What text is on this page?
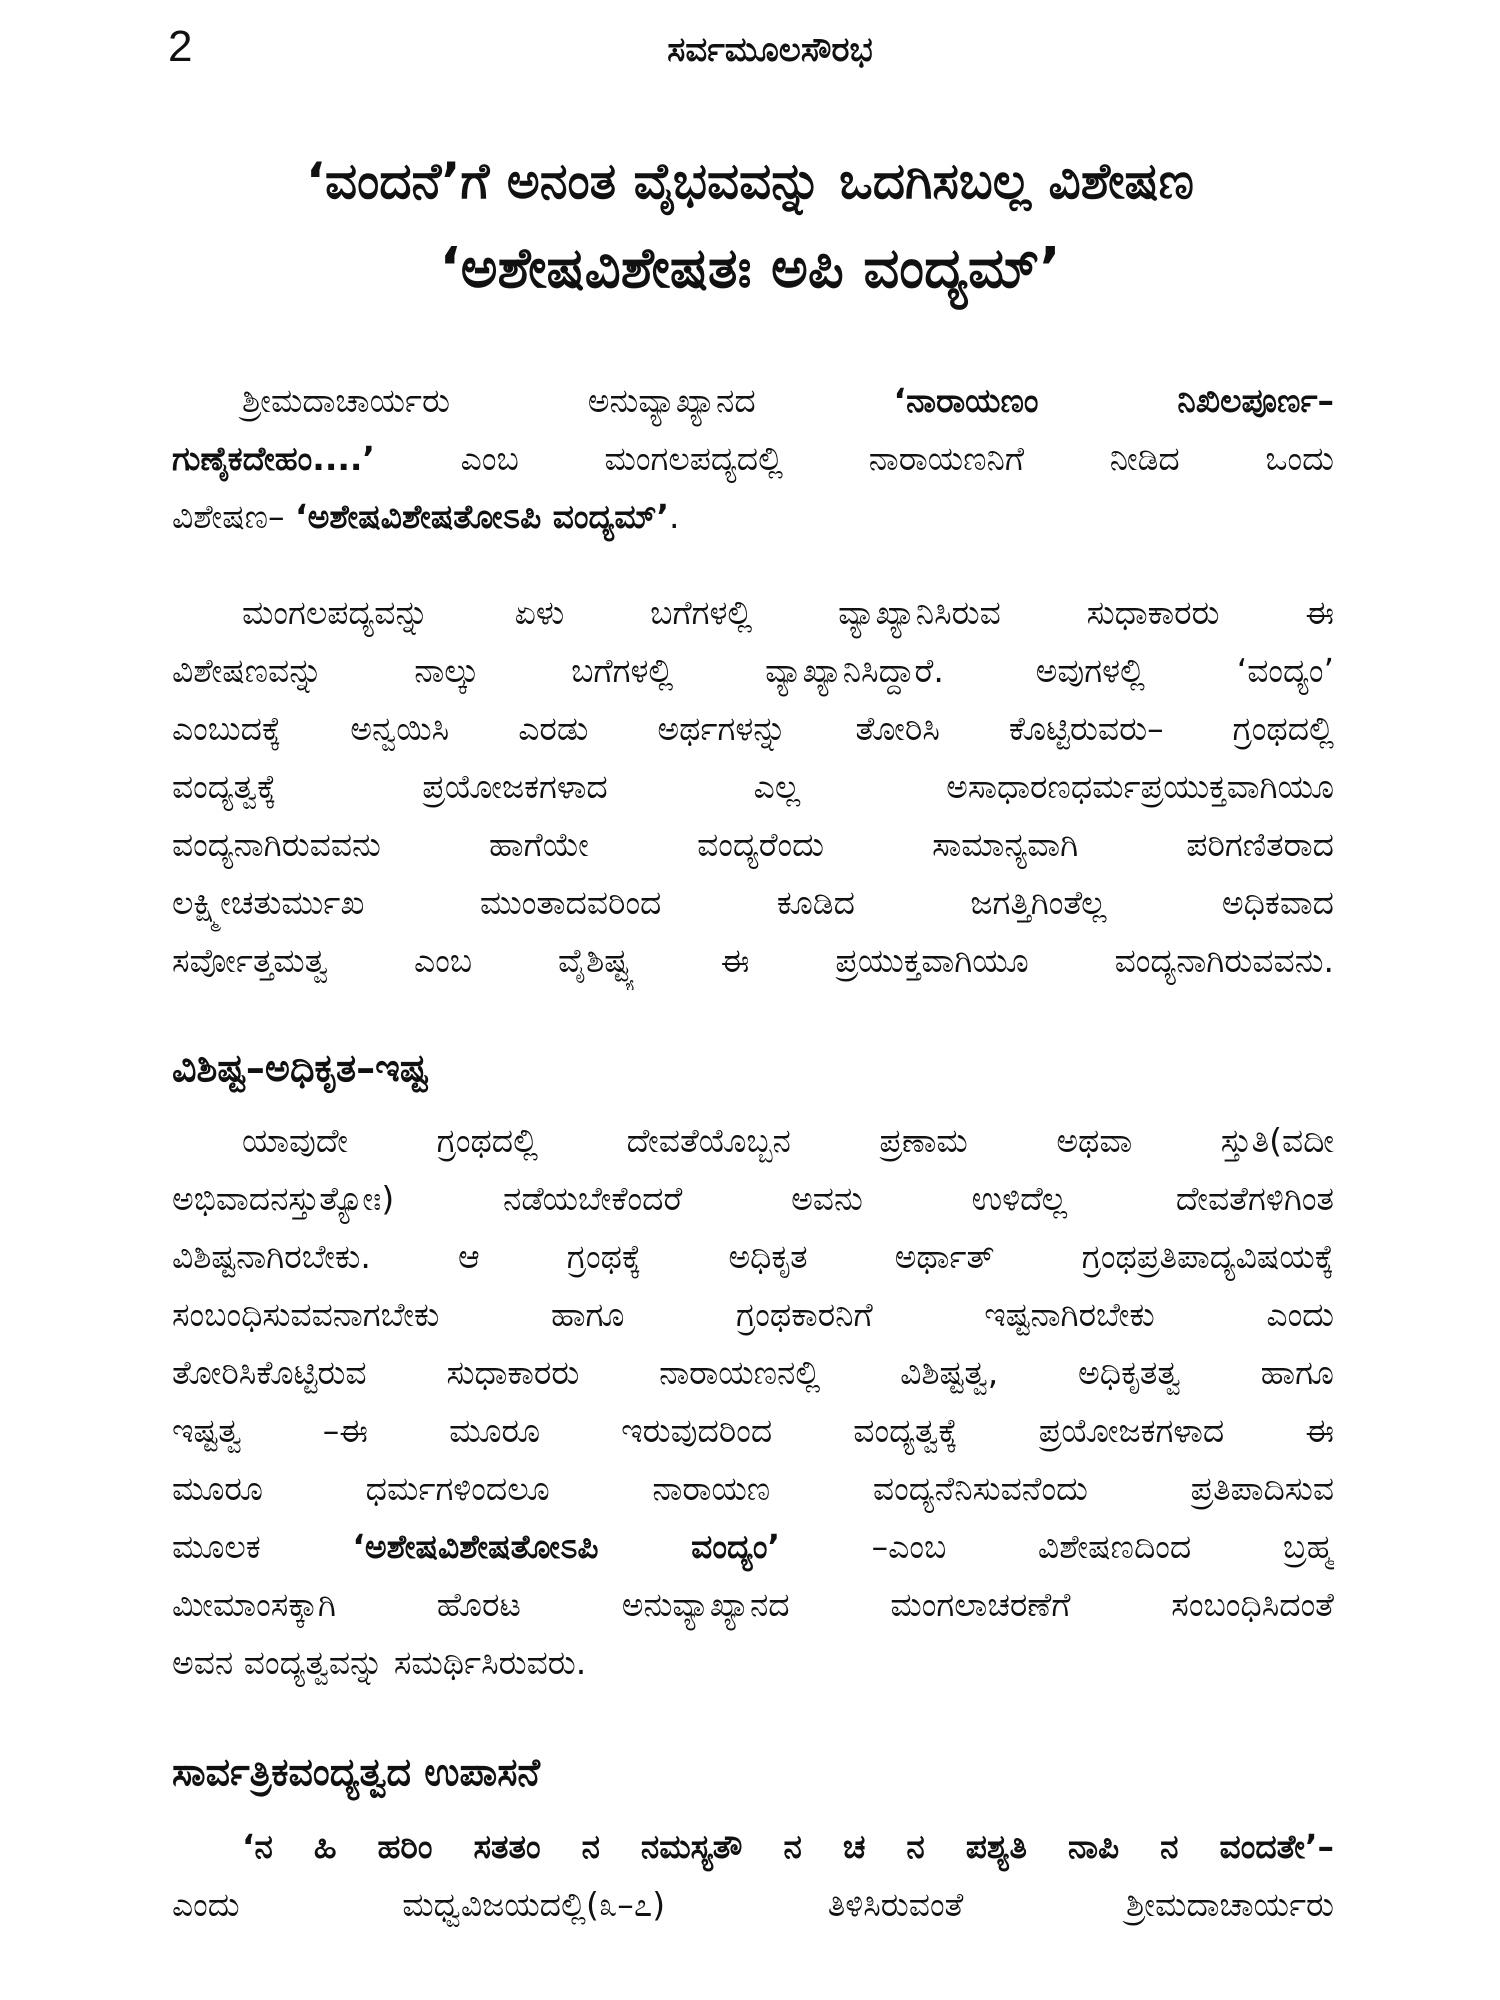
2	ಸರ್ವಮೂಲಸೌರಭ
‘ವಂದನೆ’ಗೆ ಅನಂತ ವೈಭವವನ್ನು ಒದಗಿಸಬಲ್ಲ ವಿಶೇಷಣ
‘ಅಶೇಷವಿಶೇಷತಃ ಅಪಿ ವಂದ್ಯಮ್’
ಶ್ರೀಮದಾಚಾರ್ಯರು ಅನುವ್ಯಾಖ್ಯಾನದ ‘ನಾರಾಯಣಂ ನಿಖಿಲಪೂರ್ಣ–
ಗುಣೈಕದೇಹಂ....’ ಎಂಬ ಮಂಗಲಪದ್ಯದಲ್ಲಿ ನಾರಾಯಣನಿಗೆ ನೀಡಿದ ಒಂದು
ವಿಶೇಷಣ– ‘ಅಶೇಷವಿಶೇಷತೋಽಪಿ ವಂದ್ಯಮ್’.
ಮಂಗಲಪದ್ಯವನ್ನು ಏಳು ಬಗೆಗಳಲ್ಲಿ ವ್ಯಾಖ್ಯಾನಿಸಿರುವ ಸುಧಾಕಾರರು ಈ
ವಿಶೇಷಣವನ್ನು ನಾಲ್ಕು ಬಗೆಗಳಲ್ಲಿ ವ್ಯಾಖ್ಯಾನಿಸಿದ್ದಾರೆ. ಅವುಗಳಲ್ಲಿ ‘ವಂದ್ಯಂ’
ಎಂಬುದಕ್ಕೆ ಅನ್ವಯಿಸಿ ಎರಡು ಅರ್ಥಗಳನ್ನು ತೋರಿಸಿ ಕೊಟ್ಟಿರುವರು– ಗ್ರಂಥದಲ್ಲಿ
ವಂದ್ಯತ್ವಕ್ಕೆ ಪ್ರಯೋಜಕಗಳಾದ ಎಲ್ಲ ಅಸಾಧಾರಣಧರ್ಮಪ್ರಯುಕ್ತವಾಗಿಯೂ
ವಂದ್ಯನಾಗಿರುವವನು ಹಾಗೆಯೇ ವಂದ್ಯರೆಂದು ಸಾಮಾನ್ಯವಾಗಿ ಪರಿಗಣಿತರಾದ
ಲಕ್ಷ್ಮೀಚತುರ್ಮುಖ ಮುಂತಾದವರಿಂದ ಕೂಡಿದ ಜಗತ್ತಿಗಿಂತೆಲ್ಲ ಅಧಿಕವಾದ
ಸರ್ವೋತ್ತಮತ್ವ ಎಂಬ ವೈಶಿಷ್ಟ್ಯ ಈ ಪ್ರಯುಕ್ತವಾಗಿಯೂ ವಂದ್ಯನಾಗಿರುವವನು.
ವಿಶಿಷ್ಟ–ಅಧಿಕೃತ–ಇಷ್ಟ
ಯಾವುದೇ ಗ್ರಂಥದಲ್ಲಿ ದೇವತೆಯೊಬ್ಬನ ಪ್ರಣಾಮ ಅಥವಾ ಸ್ತುತಿ(ವದೀ
ಅಭಿವಾದನಸ್ತುತ್ಯೋಃ) ನಡೆಯಬೇಕೆಂದರೆ ಅವನು ಉಳಿದೆಲ್ಲ ದೇವತೆಗಳಿಗಿಂತ
ವಿಶಿಷ್ಟನಾಗಿರಬೇಕು. ಆ ಗ್ರಂಥಕ್ಕೆ ಅಧಿಕೃತ ಅರ್ಥಾತ್ ಗ್ರಂಥಪ್ರತಿಪಾದ್ಯವಿಷಯಕ್ಕೆ
ಸಂಬಂಧಿಸುವವನಾಗಬೇಕು ಹಾಗೂ ಗ್ರಂಥಕಾರನಿಗೆ ಇಷ್ಟನಾಗಿರಬೇಕು ಎಂದು
ತೋರಿಸಿಕೊಟ್ಟಿರುವ ಸುಧಾಕಾರರು ನಾರಾಯಣನಲ್ಲಿ ವಿಶಿಷ್ಟತ್ವ, ಅಧಿಕೃತತ್ವ ಹಾಗೂ
ಇಷ್ಟತ್ವ –ಈ ಮೂರೂ ಇರುವುದರಿಂದ ವಂದ್ಯತ್ವಕ್ಕೆ ಪ್ರಯೋಜಕಗಳಾದ ಈ
ಮೂರೂ ಧರ್ಮಗಳಿಂದಲೂ ನಾರಾಯಣ ವಂದ್ಯನೆನಿಸುವನೆಂದು ಪ್ರತಿಪಾದಿಸುವ
ಮೂಲಕ ‘ಅಶೇಷವಿಶೇಷತೋಽಪಿ ವಂದ್ಯಂ’ –ಎಂಬ ವಿಶೇಷಣದಿಂದ ಬ್ರಹ್ಮ
ಮೀಮಾಂಸಕ್ಕಾಗಿ ಹೊರಟ ಅನುವ್ಯಾಖ್ಯಾನದ ಮಂಗಲಾಚರಣೆಗೆ ಸಂಬಂಧಿಸಿದಂತೆ
ಅವನ ವಂದ್ಯತ್ವವನ್ನು ಸಮರ್ಥಿಸಿರುವರು.
ಸಾರ್ವತ್ರಿಕವಂದ್ಯತ್ವದ ಉಪಾಸನೆ
‘ನ ಹಿ ಹರಿಂ ಸತತಂ ನ ನಮಸ್ಯತೌ ನ ಚ ನ ಪಶ್ಯತಿ ನಾಪಿ ನ ವಂದತೇ’–
ಎಂದು ಮಧ್ವವಿಜಯದಲ್ಲಿ(೩–೭) ತಿಳಿಸಿರುವಂತೆ ಶ್ರೀಮದಾಚಾರ್ಯರು
